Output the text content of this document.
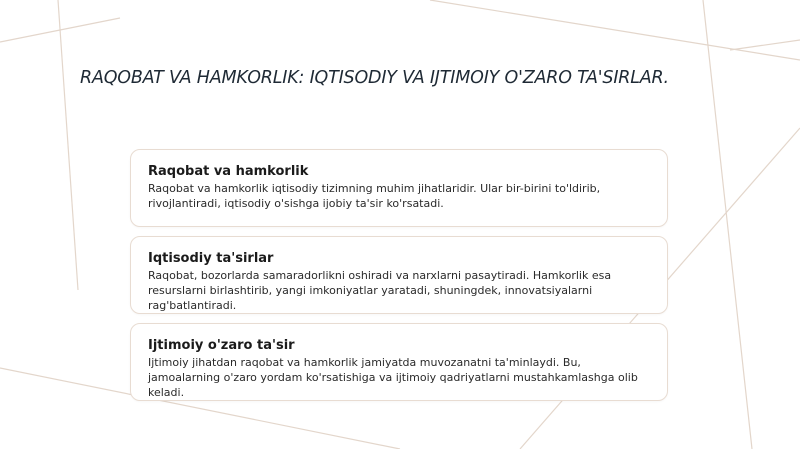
RAQOBAT VA HAMKORLIK: IQTISODIY VA IJTIMOIY O'ZARO TA'SIRLAR.
Raqobat va hamkorlik

Raqobat va hamkorlik iqtisodiy tizimning muhim jihatlaridir. Ular bir-birini to'ldirib, rivojlantiradi, iqtisodiy o'sishga ijobiy ta'sir ko'rsatadi.

Iqtisodiy ta'sirlar

Raqobat, bozorlarda samaradorlikni oshiradi va narxlarni pasaytiradi. Hamkorlik esa resurslarni birlashtirib, yangi imkoniyatlar yaratadi, shuningdek, innovatsiyalarni rag'batlantiradi.

Ijtimoiy o'zaro ta'sir

Ijtimoiy jihatdan raqobat va hamkorlik jamiyatda muvozanatni ta'minlaydi. Bu, jamoalarning o'zaro yordam ko'rsatishiga va ijtimoiy qadriyatlarni mustahkamlashga olib keladi.
